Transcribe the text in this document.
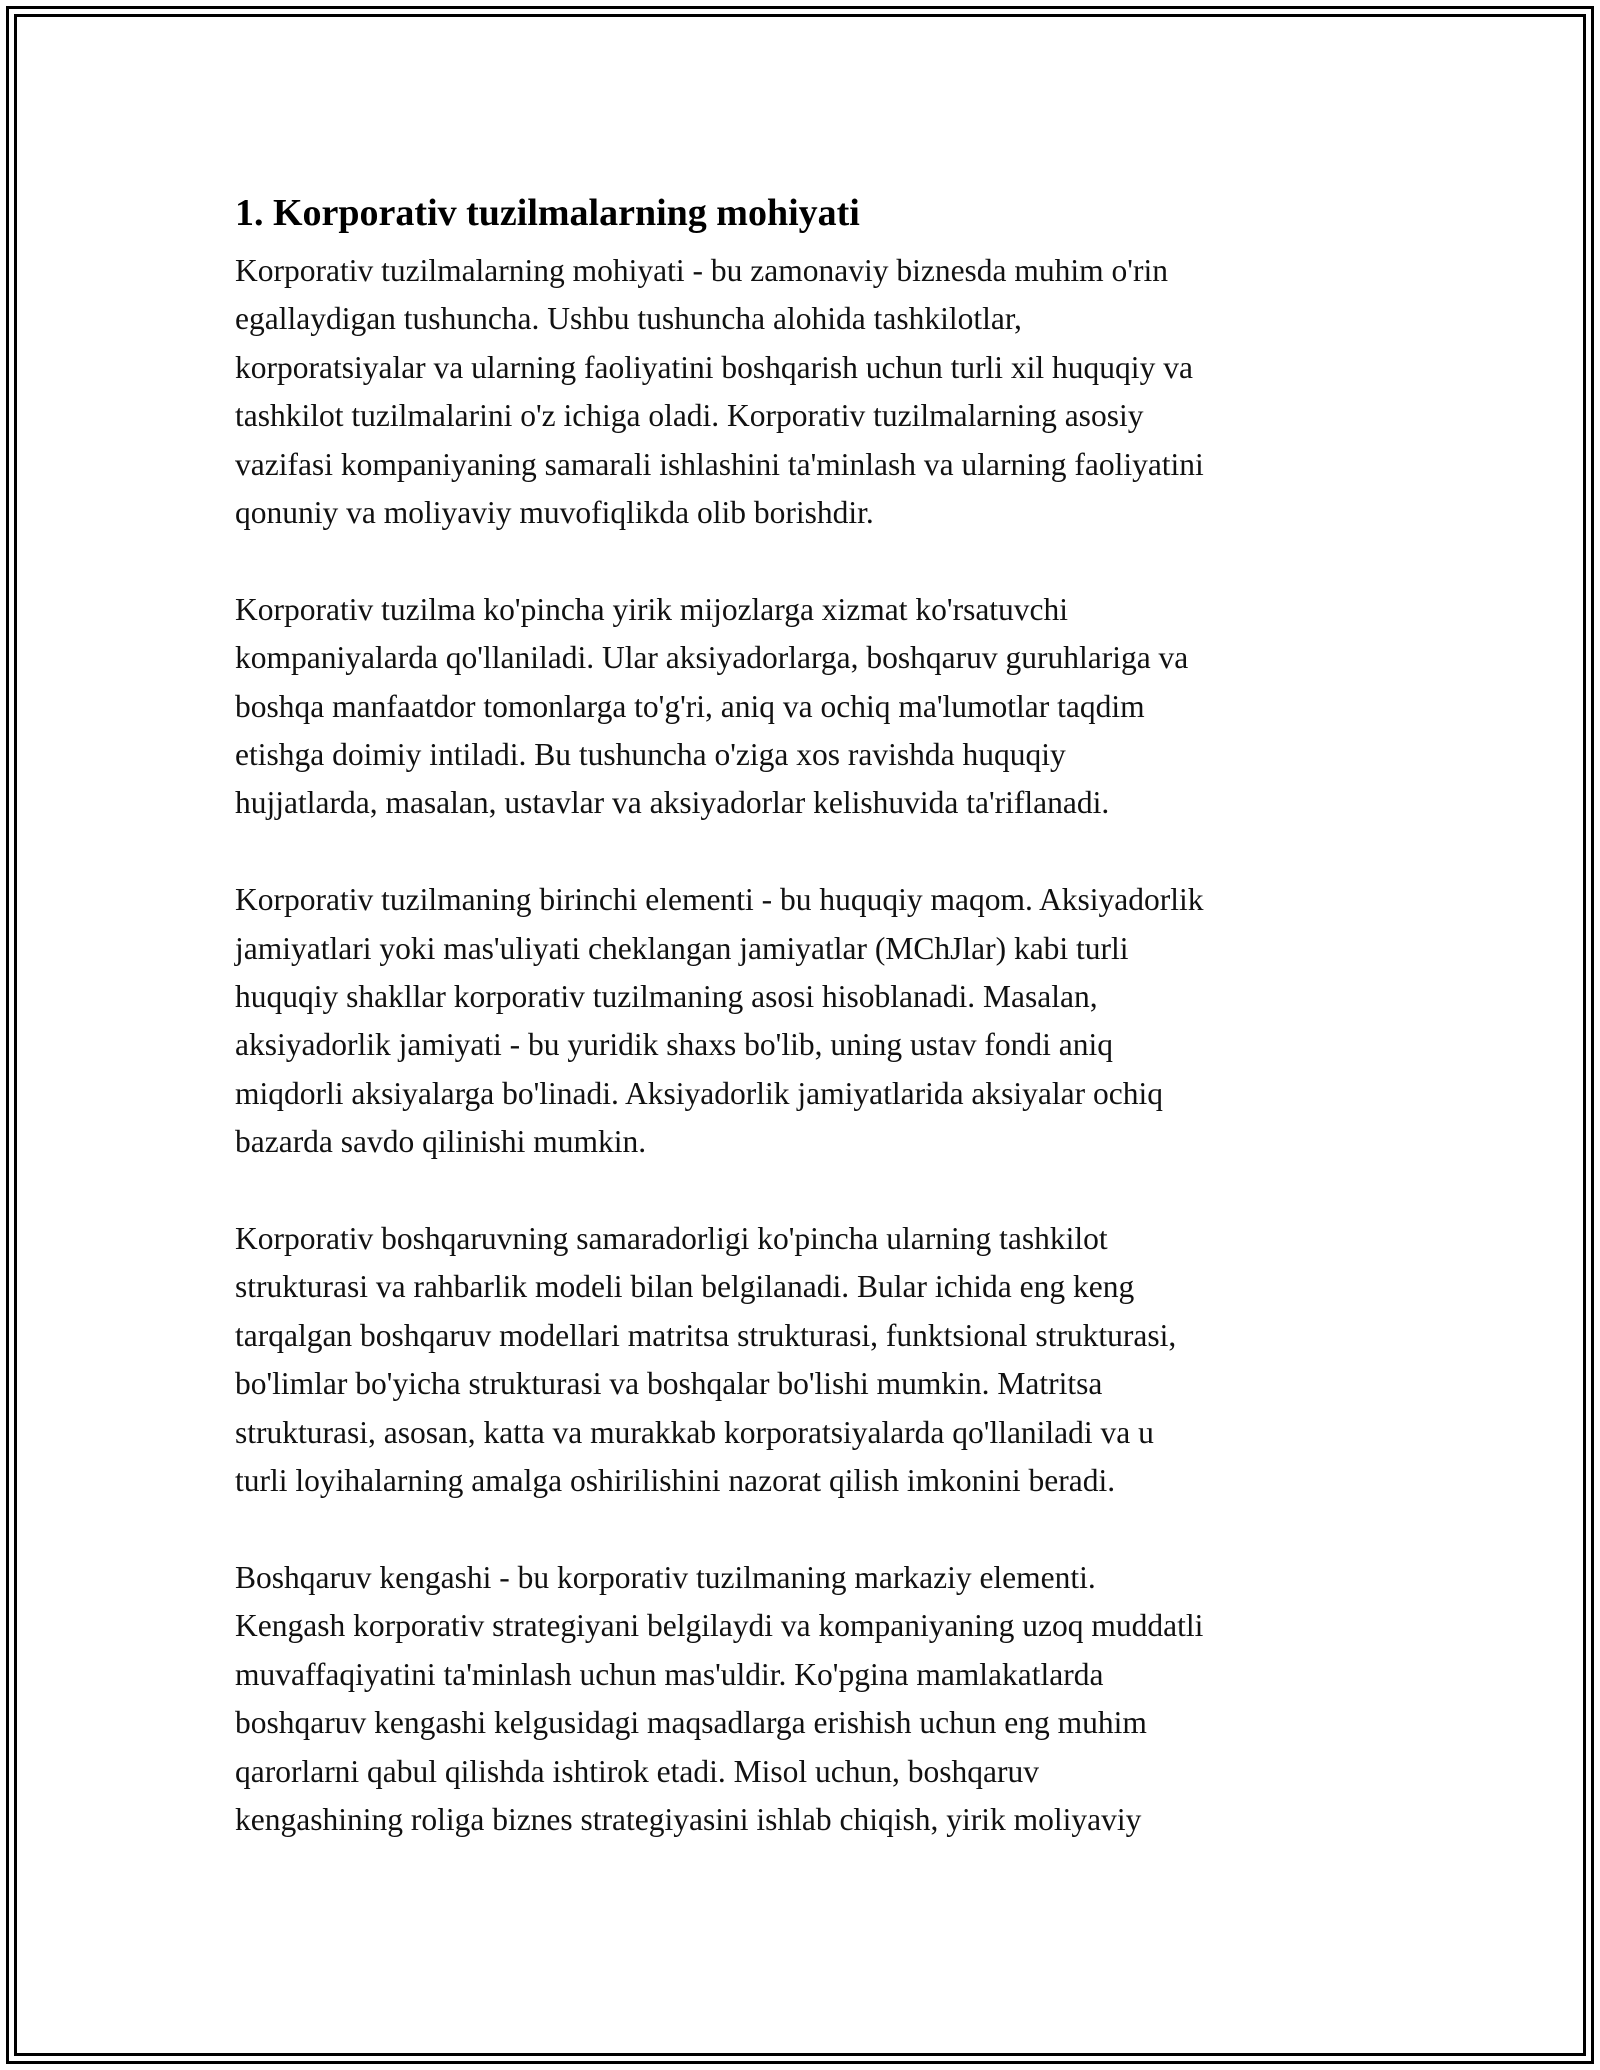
1. Korporativ tuzilmalarning mohiyati
Korporativ tuzilmalarning mohiyati - bu zamonaviy biznesda muhim o'rin
egallaydigan tushuncha. Ushbu tushuncha alohida tashkilotlar,
korporatsiyalar va ularning faoliyatini boshqarish uchun turli xil huquqiy va
tashkilot tuzilmalarini o'z ichiga oladi. Korporativ tuzilmalarning asosiy
vazifasi kompaniyaning samarali ishlashini ta'minlash va ularning faoliyatini
qonuniy va moliyaviy muvofiqlikda olib borishdir.
Korporativ tuzilma ko'pincha yirik mijozlarga xizmat ko'rsatuvchi
kompaniyalarda qo'llaniladi. Ular aksiyadorlarga, boshqaruv guruhlariga va
boshqa manfaatdor tomonlarga to'g'ri, aniq va ochiq ma'lumotlar taqdim
etishga doimiy intiladi. Bu tushuncha o'ziga xos ravishda huquqiy
hujjatlarda, masalan, ustavlar va aksiyadorlar kelishuvida ta'riflanadi.
Korporativ tuzilmaning birinchi elementi - bu huquqiy maqom. Aksiyadorlik
jamiyatlari yoki mas'uliyati cheklangan jamiyatlar (MChJlar) kabi turli
huquqiy shakllar korporativ tuzilmaning asosi hisoblanadi. Masalan,
aksiyadorlik jamiyati - bu yuridik shaxs bo'lib, uning ustav fondi aniq
miqdorli aksiyalarga bo'linadi. Aksiyadorlik jamiyatlarida aksiyalar ochiq
bazarda savdo qilinishi mumkin.
Korporativ boshqaruvning samaradorligi ko'pincha ularning tashkilot
strukturasi va rahbarlik modeli bilan belgilanadi. Bular ichida eng keng
tarqalgan boshqaruv modellari matritsa strukturasi, funktsional strukturasi,
bo'limlar bo'yicha strukturasi va boshqalar bo'lishi mumkin. Matritsa
strukturasi, asosan, katta va murakkab korporatsiyalarda qo'llaniladi va u
turli loyihalarning amalga oshirilishini nazorat qilish imkonini beradi.
Boshqaruv kengashi - bu korporativ tuzilmaning markaziy elementi.
Kengash korporativ strategiyani belgilaydi va kompaniyaning uzoq muddatli
muvaffaqiyatini ta'minlash uchun mas'uldir. Ko'pgina mamlakatlarda
boshqaruv kengashi kelgusidagi maqsadlarga erishish uchun eng muhim
qarorlarni qabul qilishda ishtirok etadi. Misol uchun, boshqaruv
kengashining roliga biznes strategiyasini ishlab chiqish, yirik moliyaviy
